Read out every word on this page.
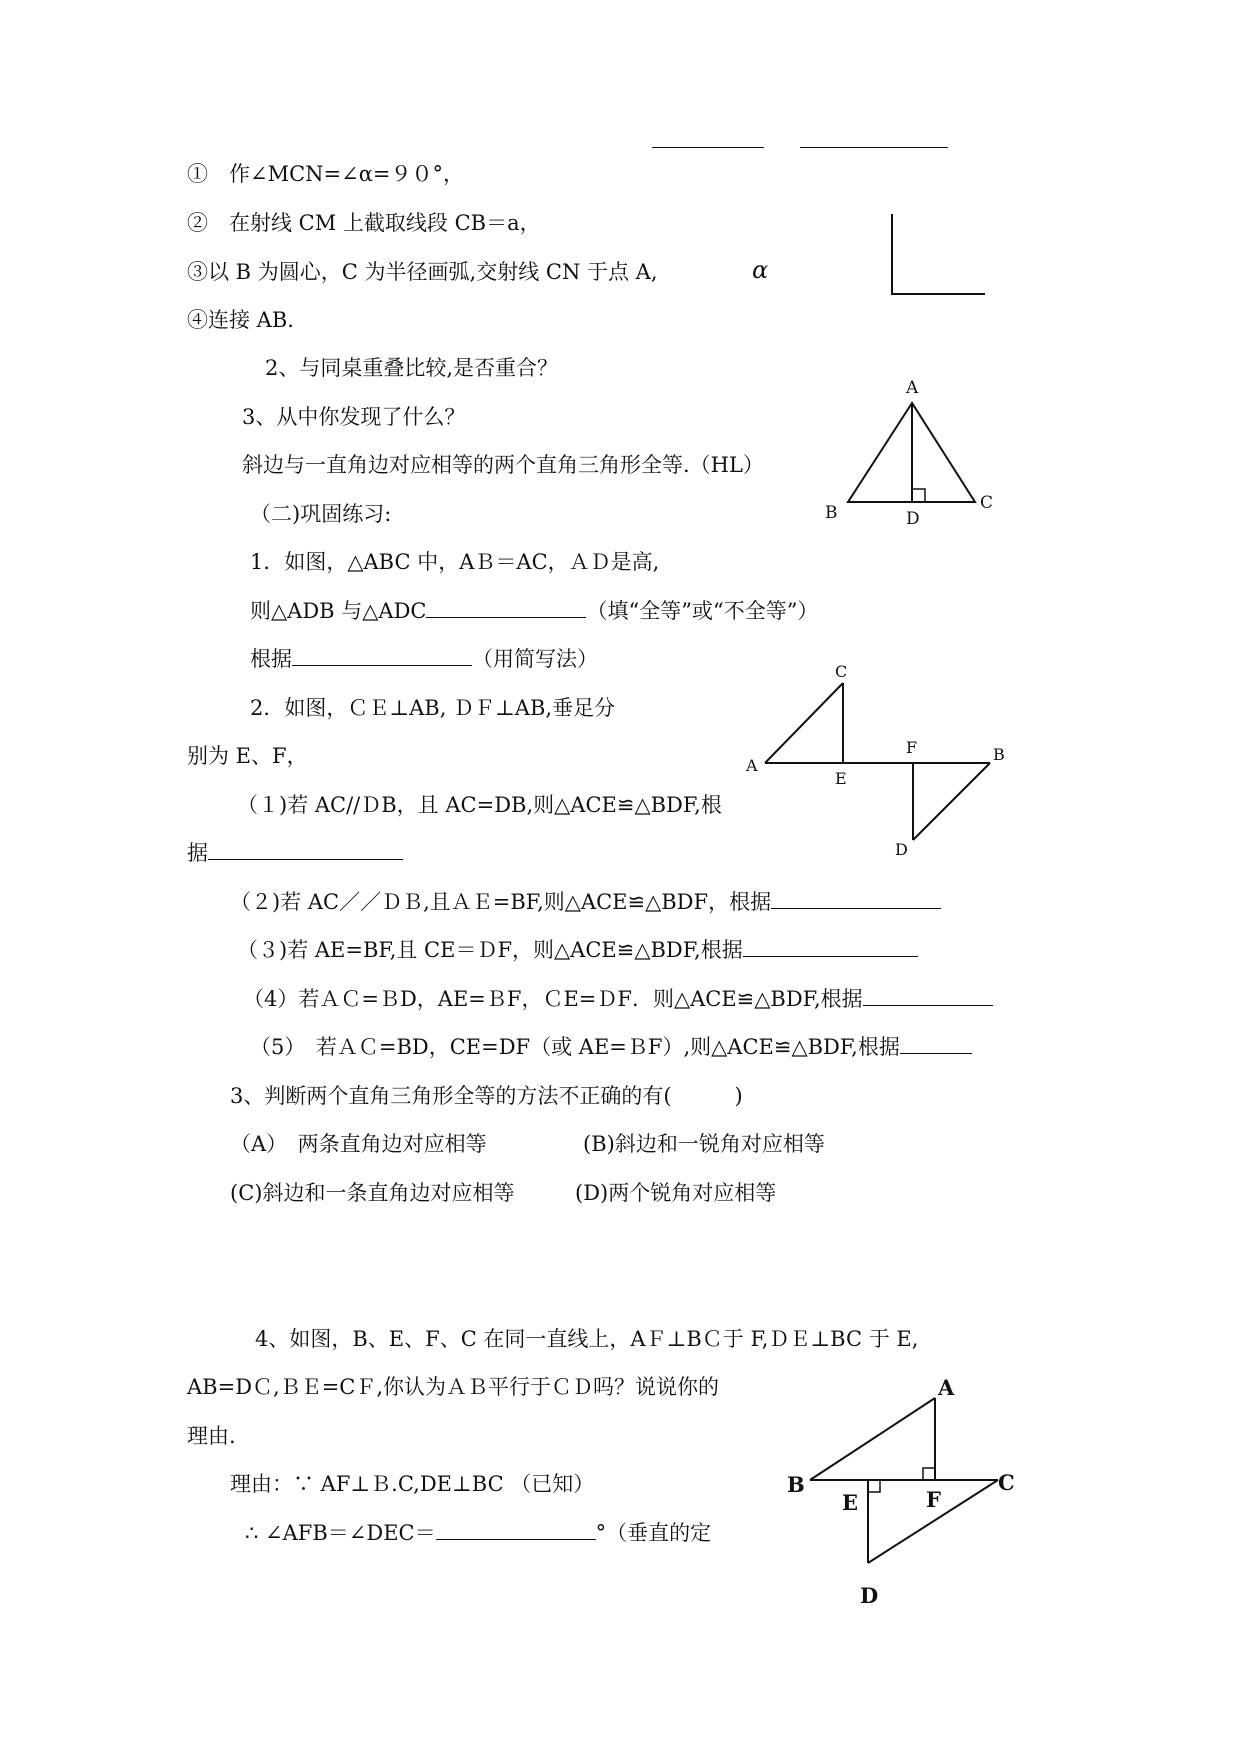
①　作∠MCN=∠α=９０°，
②　在射线 CM 上截取线段 CB＝a，
③以 B 为圆心，C 为半径画弧,交射线 CN 于点 A,
④连接 AB.
α
2、与同桌重叠比较,是否重合？
3、从中你发现了什么？
斜边与一直角边对应相等的两个直角三角形全等.（HL）
（二)巩固练习:
A
B	C
D
1．如图，△ABC 中，AＢ＝AC，ＡＤ是高,
则△ADB 与△ADC	（填“全等”或“不全等”）
根据	（用简写法）
2．如图，ＣＥ⊥AB, ＤＦ⊥AB,垂足分
别为 E、F，
C
A
E
F	B
D
（１)若 AC//ＤB，且 AC=DB,则△ACE≌△BDF,根
据
（２)若 AC／／ＤＢ,且ＡＥ=BF,则△ACE≌△BDF，根据
（３)若 AE=BF,且 CE＝ＤF，则△ACE≌△BDF,根据
（4）若ＡＣ=ＢD，AE=ＢF，ＣE=ＤF．则△ACE≌△BDF,根据
（5）　若ＡＣ=BD，CE=DF（或 AE=ＢF）,则△ACE≌△BDF,根据
3、判断两个直角三角形全等的方法不正确的有(　　　)
（A）　两条直角边对应相等	(B)斜边和一锐角对应相等
(C)斜边和一条直角边对应相等	(D)两个锐角对应相等
4、如图，B、E、F、C 在同一直线上，AＦ⊥BＣ于 F,ＤＥ⊥BC 于 E,
AB=DＣ,ＢＥ=CＦ,你认为ＡＢ平行于ＣＤ吗？说说你的
理由.
理由：∵ AF⊥Ｂ.C,DE⊥BC （已知）
∴ ∠AFB＝∠DEC＝	°（垂直的定
A
B	C
E	F
D
